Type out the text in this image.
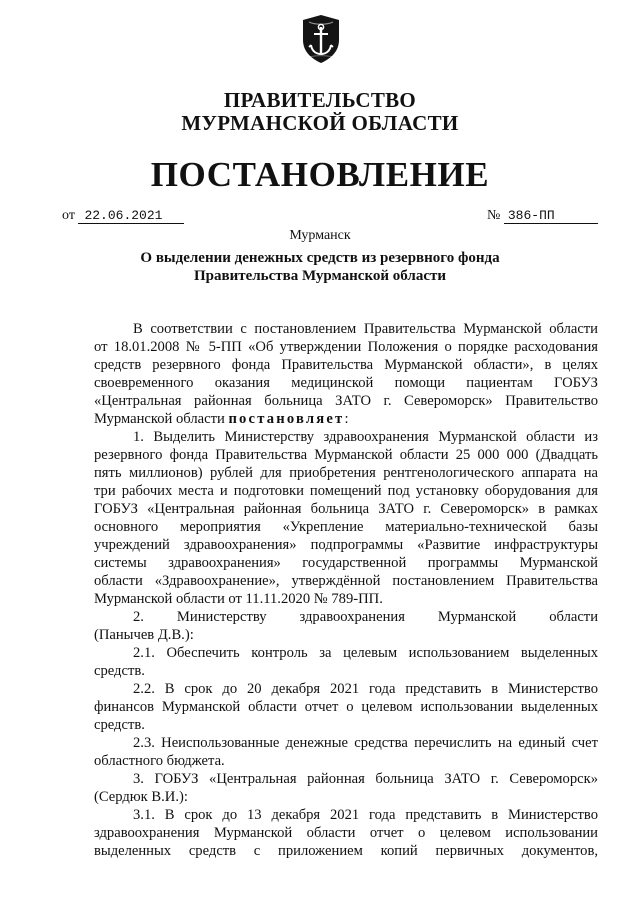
ПРАВИТЕЛЬСТВО
МУРМАНСКОЙ ОБЛАСТИ
ПОСТАНОВЛЕНИЕ
от 22.06.2021	№ 386-ПП
Мурманск
О выделении денежных средств из резервного фонда
Правительства Мурманской области
В соответствии с постановлением Правительства Мурманской области
от 18.01.2008 № 5-ПП «Об утверждении Положения о порядке расходования
средств резервного фонда Правительства Мурманской области», в целях
своевременного оказания медицинской помощи пациентам ГОБУЗ
«Центральная районная больница ЗАТО г. Североморск» Правительство
Мурманской области постановляет:
1. Выделить Министерству здравоохранения Мурманской области из
резервного фонда Правительства Мурманской области 25 000 000 (Двадцать
пять миллионов) рублей для приобретения рентгенологического аппарата на
три рабочих места и подготовки помещений под установку оборудования для
ГОБУЗ «Центральная районная больница ЗАТО г. Североморск» в рамках
основного мероприятия «Укрепление материально-технической базы
учреждений здравоохранения» подпрограммы «Развитие инфраструктуры
системы здравоохранения» государственной программы Мурманской
области «Здравоохранение», утверждённой постановлением Правительства
Мурманской области от 11.11.2020 № 789-ПП.
2. Министерству здравоохранения Мурманской области
(Панычев Д.В.):
2.1. Обеспечить контроль за целевым использованием выделенных
средств.
2.2. В срок до 20 декабря 2021 года представить в Министерство
финансов Мурманской области отчет о целевом использовании выделенных
средств.
2.3. Неиспользованные денежные средства перечислить на единый счет
областного бюджета.
3. ГОБУЗ «Центральная районная больница ЗАТО г. Североморск»
(Сердюк В.И.):
3.1. В срок до 13 декабря 2021 года представить в Министерство
здравоохранения Мурманской области отчет о целевом использовании
выделенных средств с приложением копий первичных документов,
